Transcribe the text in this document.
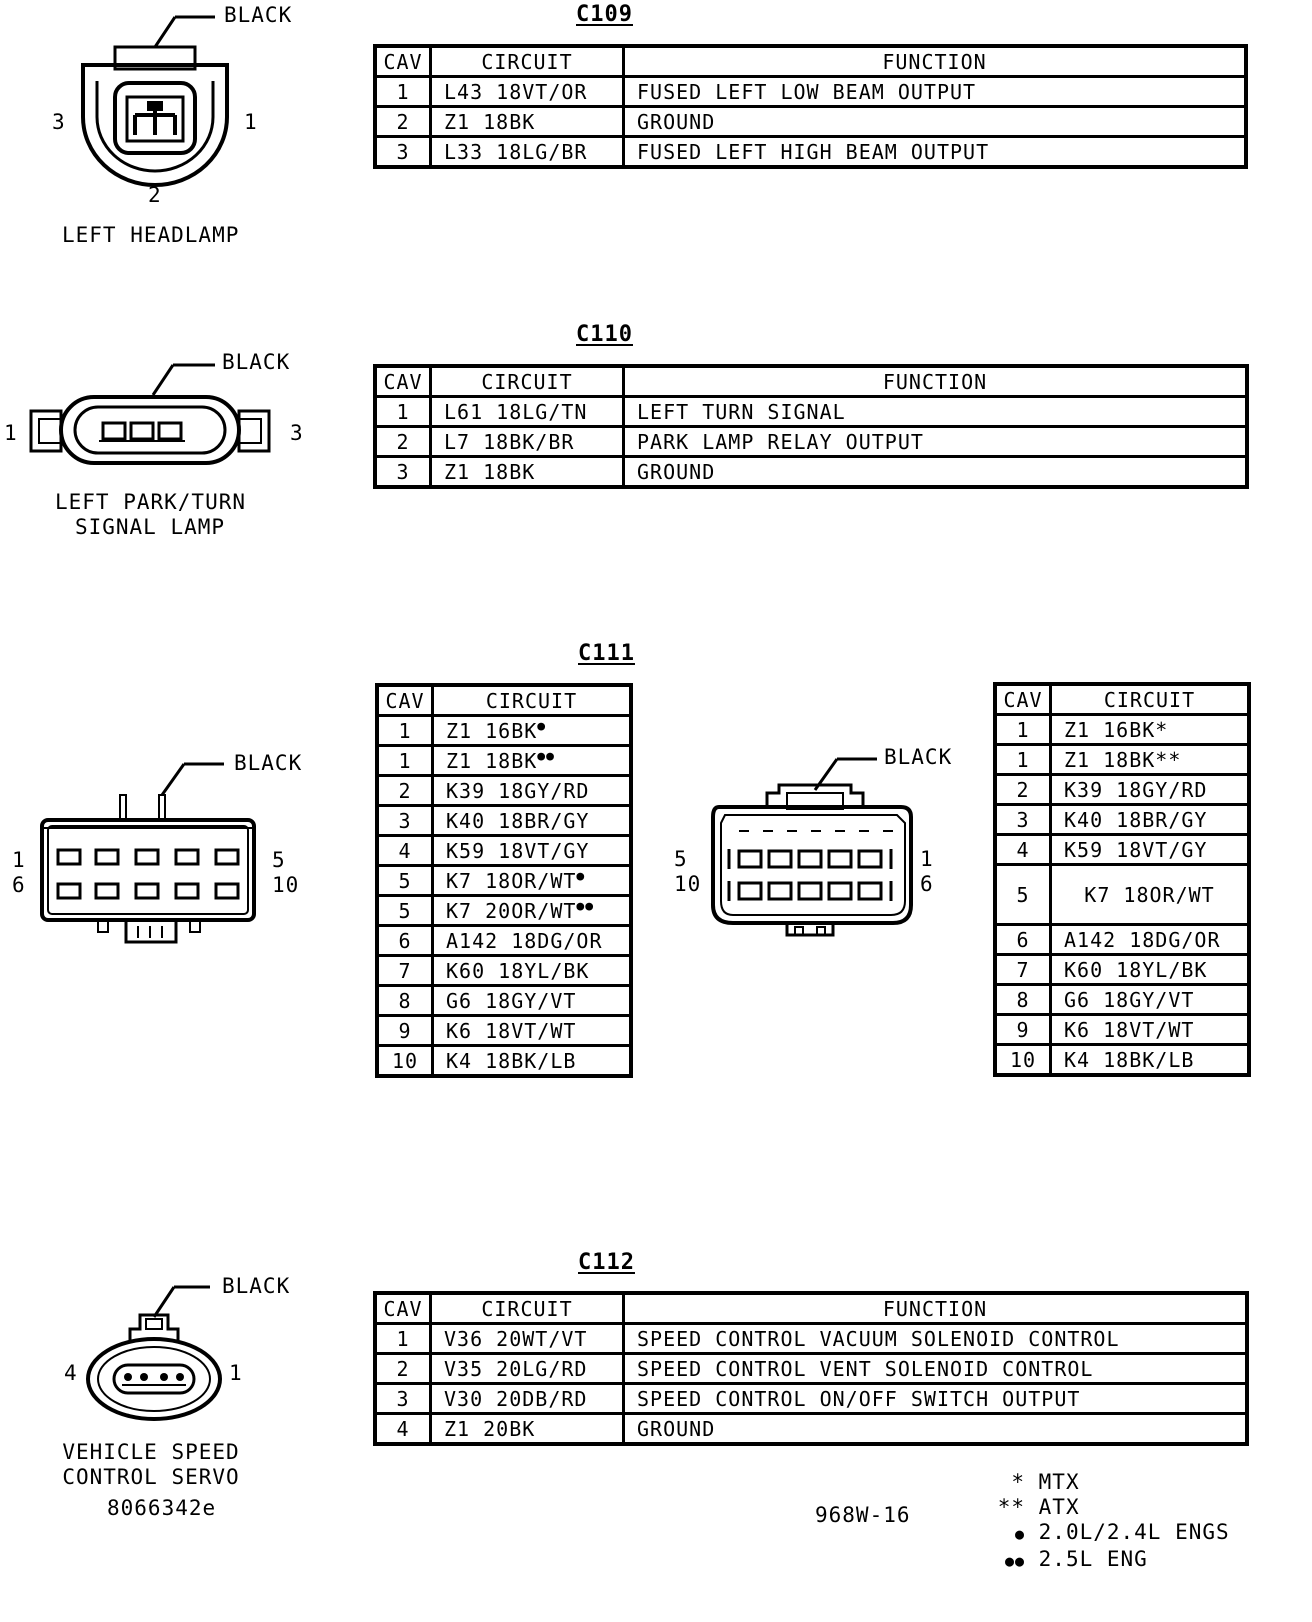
C109
BLACK
3	1
2
LEFT HEADLAMP
CAV	CIRCUIT	FUNCTION
1	L43 18VT/OR	FUSED LEFT LOW BEAM OUTPUT
2	Z1 18BK	GROUND
3	L33 18LG/BR	FUSED LEFT HIGH BEAM OUTPUT
C110
BLACK
1	3
LEFT PARK/TURN
SIGNAL LAMP
CAV	CIRCUIT	FUNCTION
1	L61 18LG/TN	LEFT TURN SIGNAL
2	L7 18BK/BR	PARK LAMP RELAY OUTPUT
3	Z1 18BK	GROUND
C111
BLACK
1
6
5
10
CAV	CIRCUIT
1	Z1 16BK●
1	Z1 18BK●●
2	K39 18GY/RD
3	K40 18BR/GY
4	K59 18VT/GY
5	K7 18OR/WT●
5	K7 20OR/WT●●
6	A142 18DG/OR
7	K60 18YL/BK
8	G6 18GY/VT
9	K6 18VT/WT
10	K4 18BK/LB
BLACK
5
10
1
6
CAV	CIRCUIT
1	Z1 16BK*
1	Z1 18BK**
2	K39 18GY/RD
3	K40 18BR/GY
4	K59 18VT/GY
5	K7 18OR/WT
6	A142 18DG/OR
7	K60 18YL/BK
8	G6 18GY/VT
9	K6 18VT/WT
10	K4 18BK/LB
C112
BLACK
4	1
VEHICLE SPEED
CONTROL SERVO
8066342e
CAV	CIRCUIT	FUNCTION
1	V36 20WT/VT	SPEED CONTROL VACUUM SOLENOID CONTROL
2	V35 20LG/RD	SPEED CONTROL VENT SOLENOID CONTROL
3	V30 20DB/RD	SPEED CONTROL ON/OFF SWITCH OUTPUT
4	Z1 20BK	GROUND
968W-16
* MTX
** ATX
● 2.0L/2.4L ENGS
●● 2.5L ENG
